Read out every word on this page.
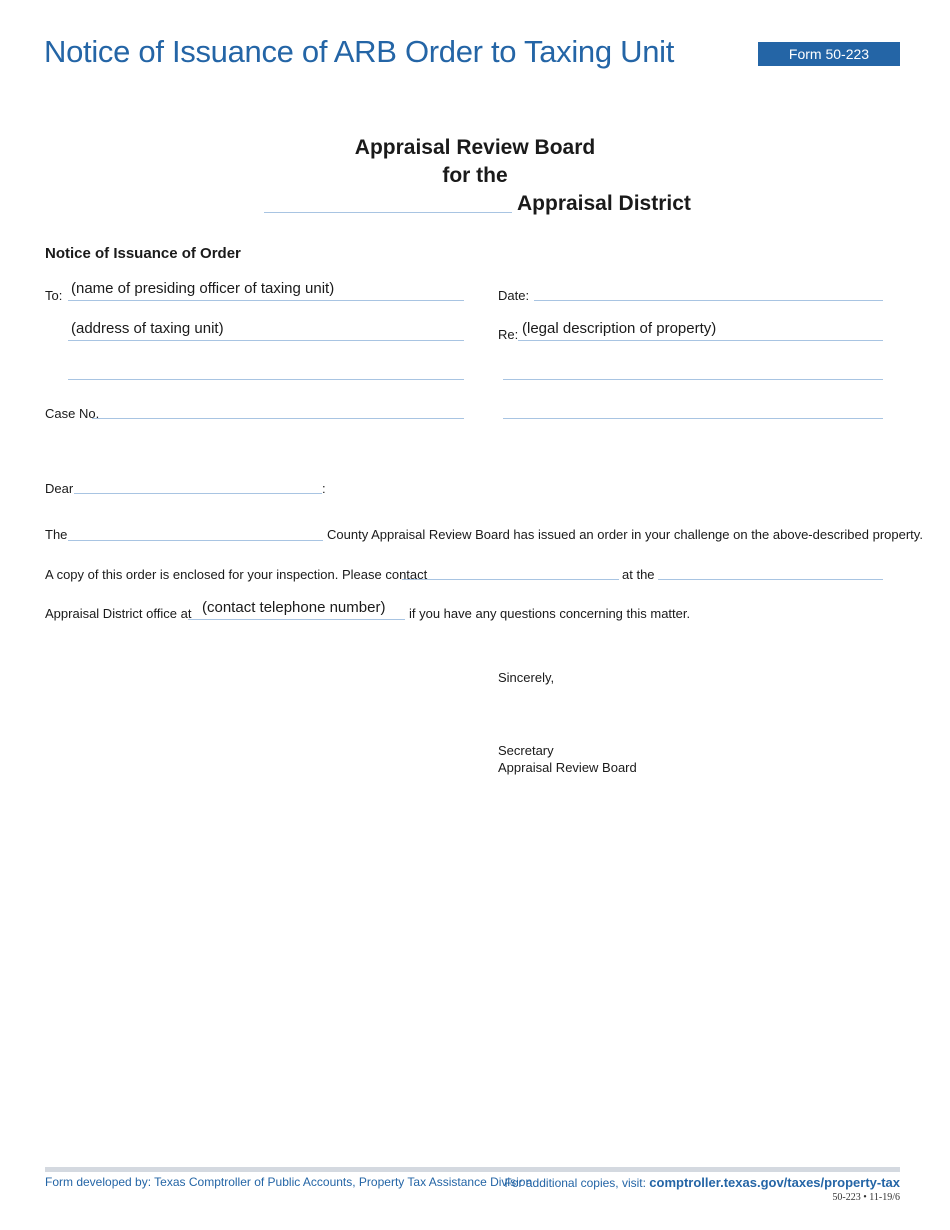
Notice of Issuance of ARB Order to Taxing Unit	Form 50-223
Appraisal Review Board
for the
Appraisal District
Notice of Issuance of Order
To: (name of presiding officer of taxing unit)
(address of taxing unit)
Case No.
Date:
Re: (legal description of property)
Dear	:
The	County Appraisal Review Board has issued an order in your challenge on the above-described property.
A copy of this order is enclosed for your inspection. Please contact	at the
Appraisal District office at (contact telephone number) if you have any questions concerning this matter.
Sincerely,
Secretary
Appraisal Review Board
Form developed by: Texas Comptroller of Public Accounts, Property Tax Assistance Division
For additional copies, visit: comptroller.texas.gov/taxes/property-tax
50-223 • 11-19/6
